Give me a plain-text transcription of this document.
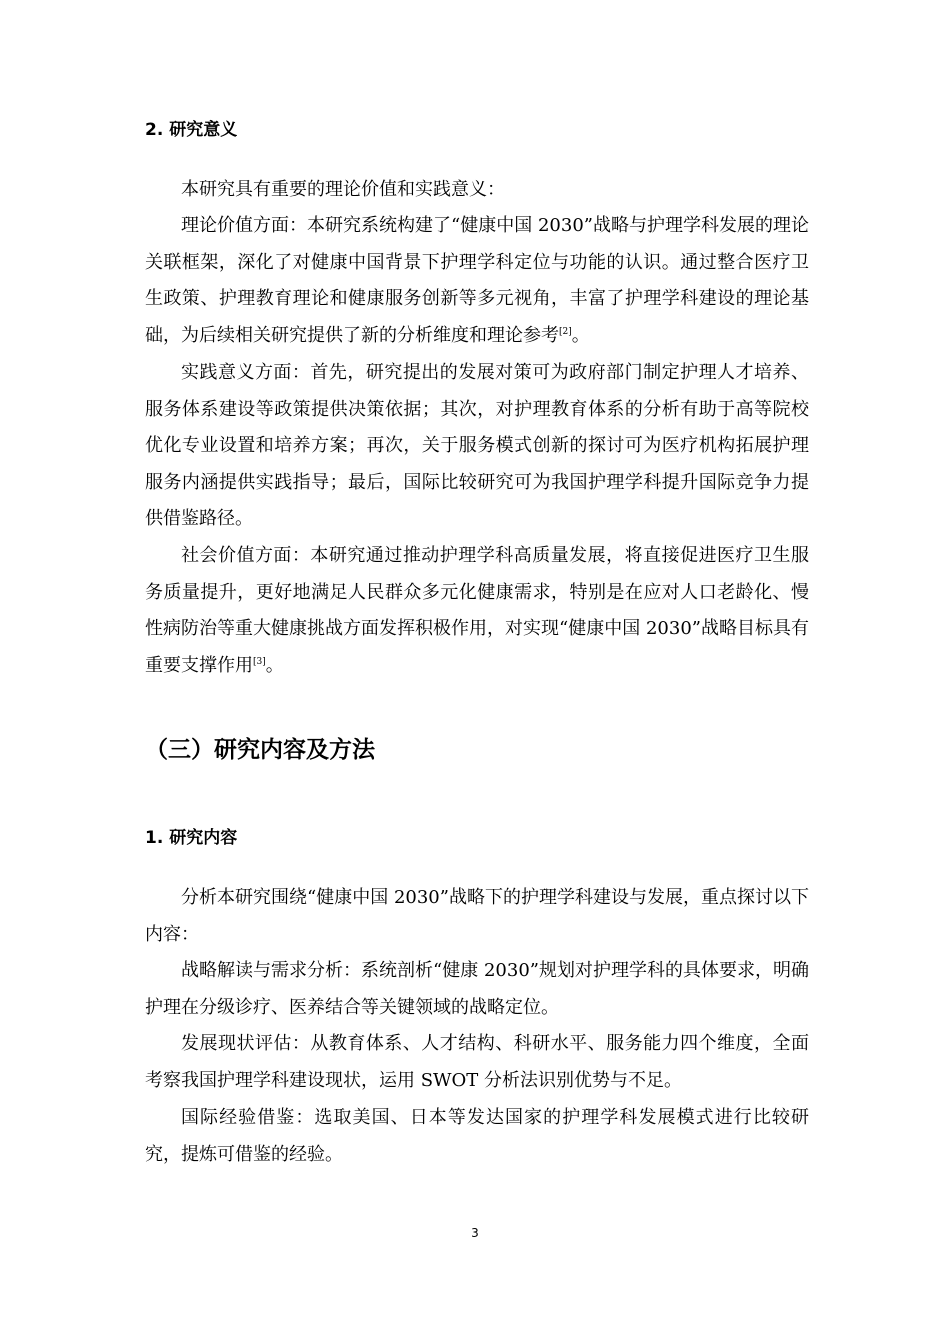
2. 研究意义

本研究具有重要的理论价值和实践意义：

理论价值方面：本研究系统构建了“健康中国 2030”战略与护理学科发展的理论关联框架，深化了对健康中国背景下护理学科定位与功能的认识。通过整合医疗卫生政策、护理教育理论和健康服务创新等多元视角，丰富了护理学科建设的理论基础，为后续相关研究提供了新的分析维度和理论参考[2]。

实践意义方面：首先，研究提出的发展对策可为政府部门制定护理人才培养、服务体系建设等政策提供决策依据；其次，对护理教育体系的分析有助于高等院校优化专业设置和培养方案；再次，关于服务模式创新的探讨可为医疗机构拓展护理服务内涵提供实践指导；最后，国际比较研究可为我国护理学科提升国际竞争力提供借鉴路径。

社会价值方面：本研究通过推动护理学科高质量发展，将直接促进医疗卫生服务质量提升，更好地满足人民群众多元化健康需求，特别是在应对人口老龄化、慢性病防治等重大健康挑战方面发挥积极作用，对实现“健康中国 2030”战略目标具有重要支撑作用[3]。

（三）研究内容及方法
1. 研究内容

分析本研究围绕“健康中国 2030”战略下的护理学科建设与发展，重点探讨以下内容：

战略解读与需求分析：系统剖析“健康 2030”规划对护理学科的具体要求，明确护理在分级诊疗、医养结合等关键领域的战略定位。

发展现状评估：从教育体系、人才结构、科研水平、服务能力四个维度，全面考察我国护理学科建设现状，运用 SWOT 分析法识别优势与不足。

国际经验借鉴：选取美国、日本等发达国家的护理学科发展模式进行比较研究，提炼可借鉴的经验。

3
